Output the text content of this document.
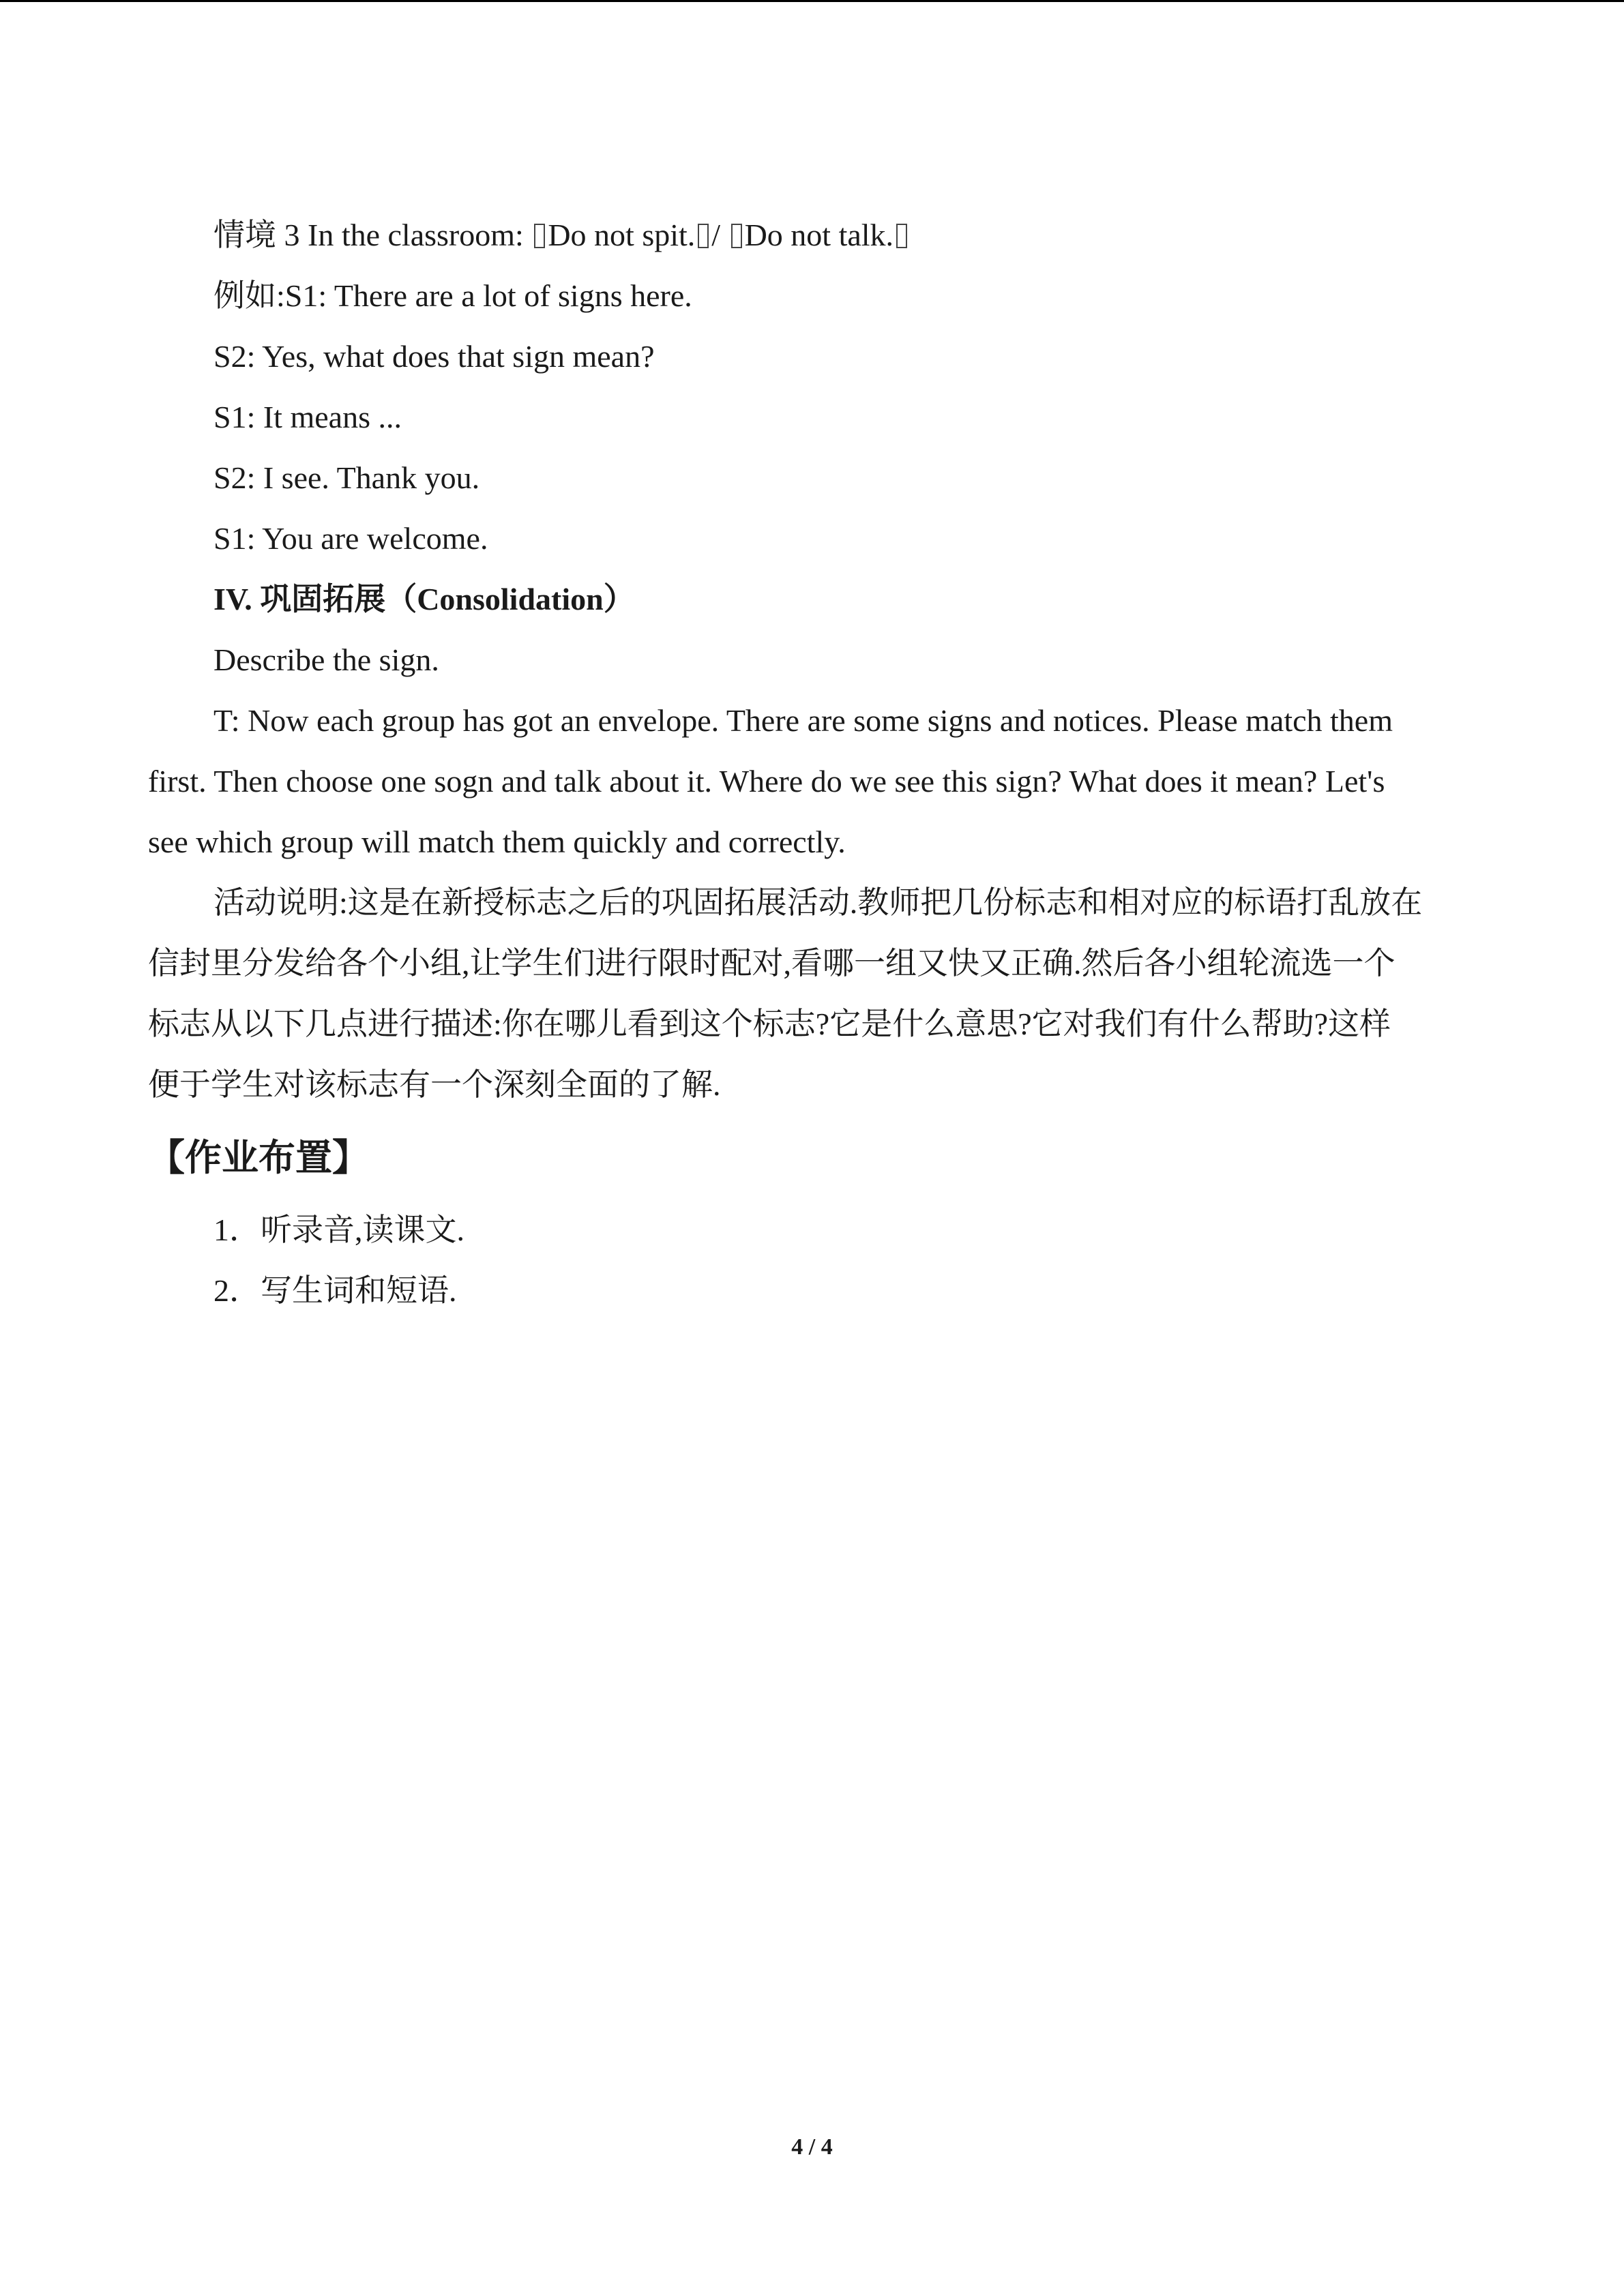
情境 3 In the classroom: Do not spit. / Do not talk.

例如:S1: There are a lot of signs here.

S2: Yes, what does that sign mean?

S1: It means ...

S2: I see. Thank you.

S1: You are welcome.

IV. 巩固拓展（Consolidation）

Describe the sign.

T: Now each group has got an envelope. There are some signs and notices. Please match them

first. Then choose one sogn and talk about it. Where do we see this sign? What does it mean? Let's

see which group will match them quickly and correctly.

活动说明:这是在新授标志之后的巩固拓展活动.教师把几份标志和相对应的标语打乱放在

信封里分发给各个小组,让学生们进行限时配对,看哪一组又快又正确.然后各小组轮流选一个

标志从以下几点进行描述:你在哪儿看到这个标志?它是什么意思?它对我们有什么帮助?这样

便于学生对该标志有一个深刻全面的了解.

【作业布置】

1．听录音,读课文.

2．写生词和短语.

4 / 4
